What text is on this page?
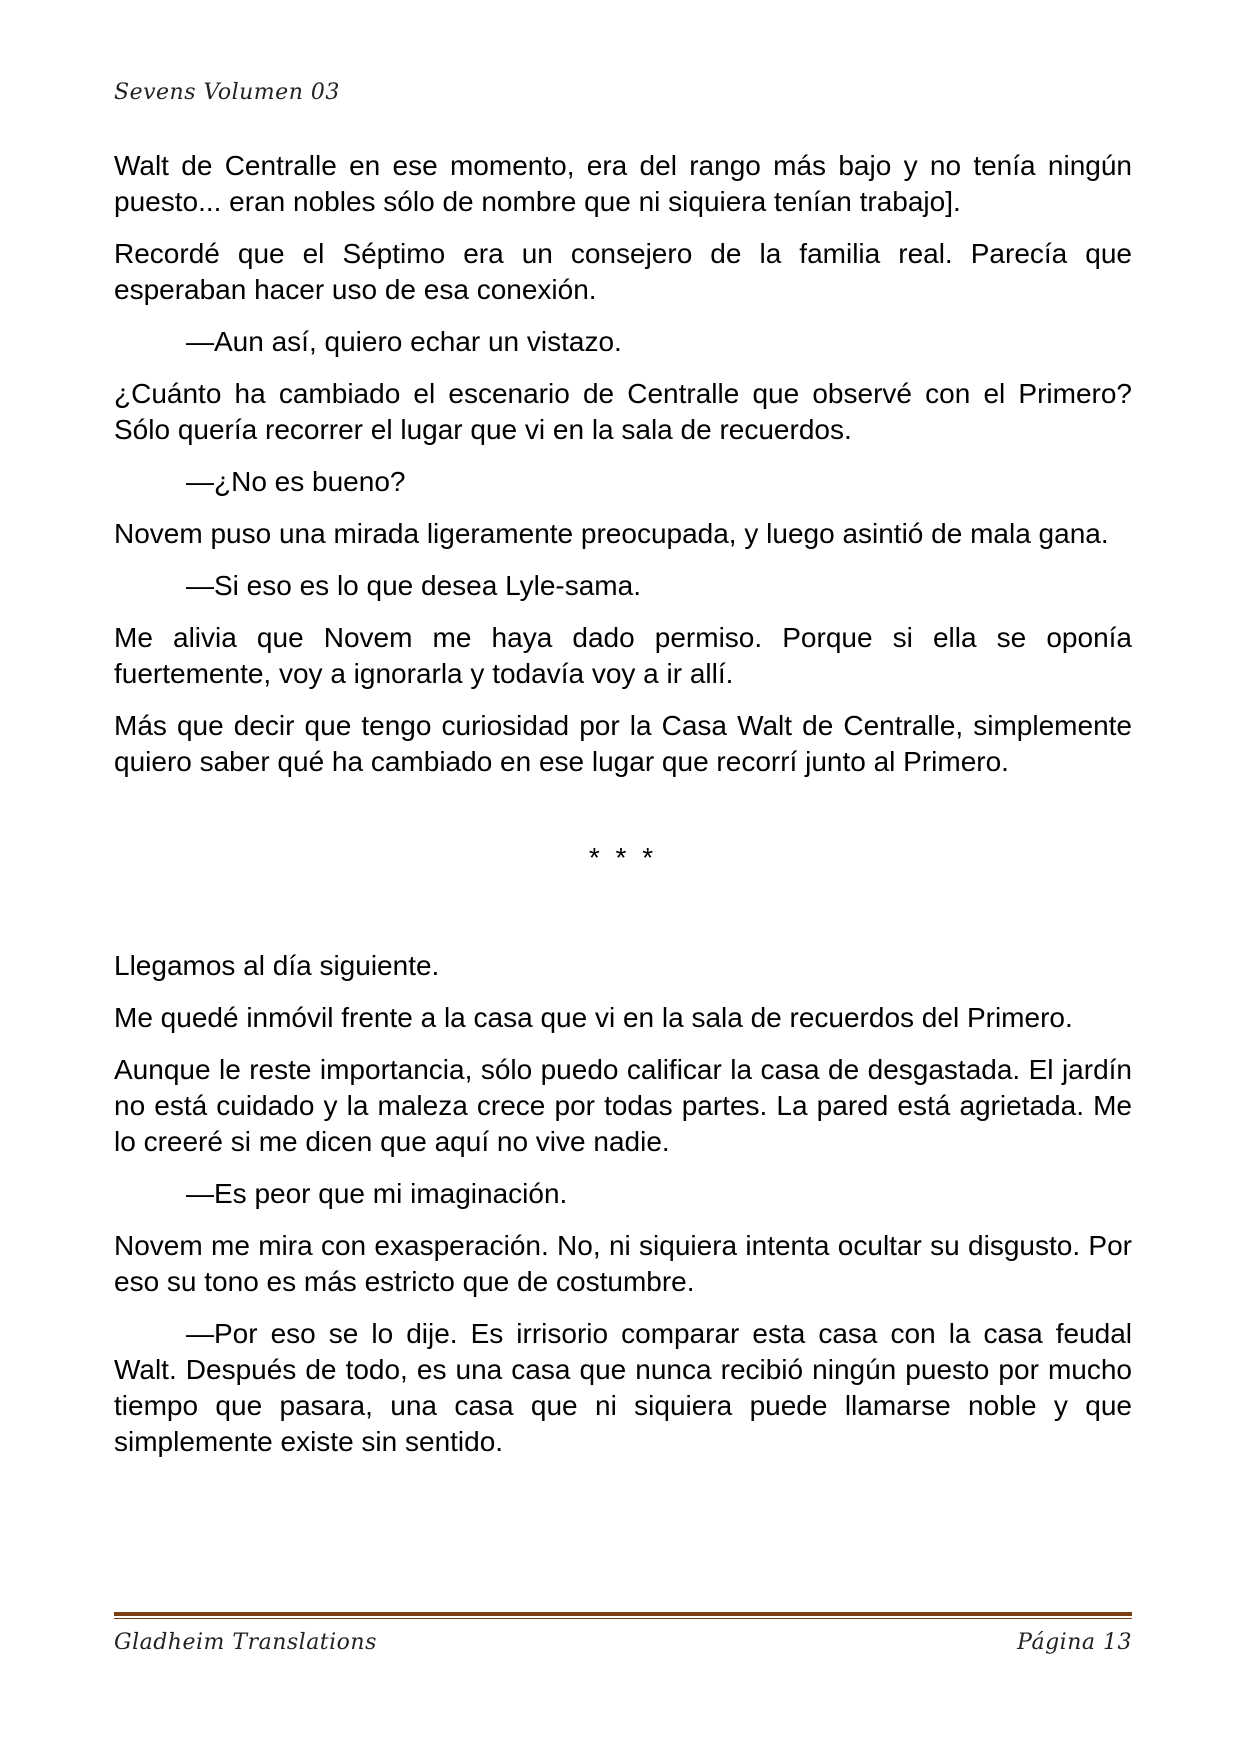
Sevens Volumen 03

Walt de Centralle en ese momento, era del rango más bajo y no tenía ningún puesto... eran nobles sólo de nombre que ni siquiera tenían trabajo].

Recordé que el Séptimo era un consejero de la familia real. Parecía que esperaban hacer uso de esa conexión.

—Aun así, quiero echar un vistazo.

¿Cuánto ha cambiado el escenario de Centralle que observé con el Primero? Sólo quería recorrer el lugar que vi en la sala de recuerdos.

—¿No es bueno?

Novem puso una mirada ligeramente preocupada, y luego asintió de mala gana.

—Si eso es lo que desea Lyle-sama.

Me alivia que Novem me haya dado permiso. Porque si ella se oponía fuertemente, voy a ignorarla y todavía voy a ir allí.

Más que decir que tengo curiosidad por la Casa Walt de Centralle, simplemente quiero saber qué ha cambiado en ese lugar que recorrí junto al Primero.

* * *

Llegamos al día siguiente.

Me quedé inmóvil frente a la casa que vi en la sala de recuerdos del Primero.

Aunque le reste importancia, sólo puedo calificar la casa de desgastada. El jardín no está cuidado y la maleza crece por todas partes. La pared está agrietada. Me lo creeré si me dicen que aquí no vive nadie.

—Es peor que mi imaginación.

Novem me mira con exasperación. No, ni siquiera intenta ocultar su disgusto. Por eso su tono es más estricto que de costumbre.

—Por eso se lo dije. Es irrisorio comparar esta casa con la casa feudal Walt. Después de todo, es una casa que nunca recibió ningún puesto por mucho tiempo que pasara, una casa que ni siquiera puede llamarse noble y que simplemente existe sin sentido.

Gladheim Translations	Página 13
